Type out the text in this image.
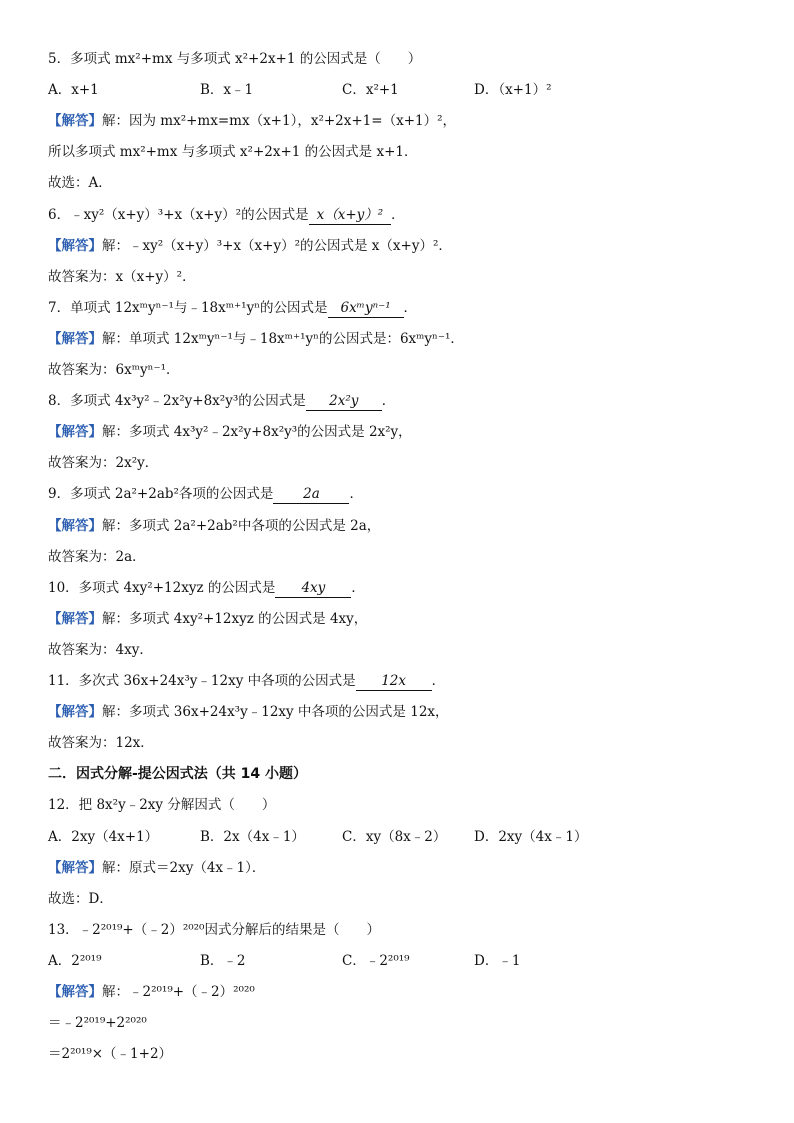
5．多项式 mx²+mx 与多项式 x²+2x+1 的公因式是（　　）
A．x+1	B．x﹣1	C．x²+1	D．（x+1）²
【解答】解：因为 mx²+mx=mx（x+1），x²+2x+1=（x+1）²，
所以多项式 mx²+mx 与多项式 x²+2x+1 的公因式是 x+1．
故选：A．
6．﹣xy²（x+y）³+x（x+y）²的公因式是 x（x+y）² ．
【解答】解：﹣xy²（x+y）³+x（x+y）²的公因式是 x（x+y）²．
故答案为：x（x+y）²．
7．单项式 12xᵐyⁿ⁻¹与﹣18xᵐ⁺¹yⁿ的公因式是 6xᵐyⁿ⁻¹ ．
【解答】解：单项式 12xᵐyⁿ⁻¹与﹣18xᵐ⁺¹yⁿ的公因式是：6xᵐyⁿ⁻¹．
故答案为：6xᵐyⁿ⁻¹．
8．多项式 4x³y²﹣2x²y+8x²y³的公因式是 2x²y ．
【解答】解：多项式 4x³y²﹣2x²y+8x²y³的公因式是 2x²y，
故答案为：2x²y．
9．多项式 2a²+2ab²各项的公因式是 2a ．
【解答】解：多项式 2a²+2ab²中各项的公因式是 2a，
故答案为：2a．
10．多项式 4xy²+12xyz 的公因式是 4xy ．
【解答】解：多项式 4xy²+12xyz 的公因式是 4xy，
故答案为：4xy．
11．多次式 36x+24x³y﹣12xy 中各项的公因式是 12x ．
【解答】解：多项式 36x+24x³y﹣12xy 中各项的公因式是 12x，
故答案为：12x．
二．因式分解-提公因式法（共 14 小题）
12．把 8x²y﹣2xy 分解因式（　　）
A．2xy（4x+1）	B．2x（4x﹣1）	C．xy（8x﹣2） D．2xy（4x﹣1）
【解答】解：原式＝2xy（4x﹣1）．
故选：D．
13．﹣2²⁰¹⁹+（﹣2）²⁰²⁰因式分解后的结果是（　　）
A．2²⁰¹⁹	B．﹣2	C．﹣2²⁰¹⁹	D．﹣1
【解答】解：﹣2²⁰¹⁹+（﹣2）²⁰²⁰
＝﹣2²⁰¹⁹+2²⁰²⁰
＝2²⁰¹⁹×（﹣1+2）
